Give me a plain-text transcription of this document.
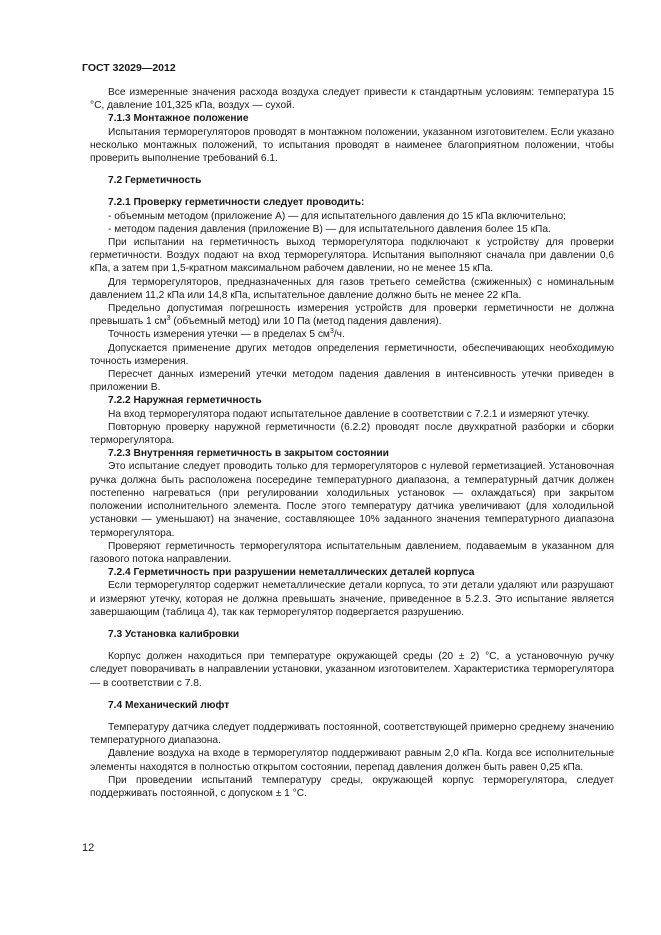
ГОСТ 32029—2012

Все измеренные значения расхода воздуха следует привести к стандартным условиям: температура 15 °С, давление 101,325 кПа, воздух — сухой.

7.1.3 Монтажное положение

Испытания терморегуляторов проводят в монтажном положении, указанном изготовителем. Если указано несколько монтажных положений, то испытания проводят в наименее благоприятном положении, чтобы проверить выполнение требований 6.1.

7.2 Герметичность

7.2.1 Проверку герметичности следует проводить:

- объемным методом (приложение А) — для испытательного давления до 15 кПа включительно;

- методом падения давления (приложение В) — для испытательного давления более 15 кПа.

При испытании на герметичность выход терморегулятора подключают к устройству для проверки герметичности. Воздух подают на вход терморегулятора. Испытания выполняют сначала при давлении 0,6 кПа, а затем при 1,5-кратном максимальном рабочем давлении, но не менее 15 кПа.

Для терморегуляторов, предназначенных для газов третьего семейства (сжиженных) с номинальным давлением 11,2 кПа или 14,8 кПа, испытательное давление должно быть не менее 22 кПа.

Предельно допустимая погрешность измерения устройств для проверки герметичности не должна превышать 1 $см^3$ (объемный метод) или 10 Па (метод падения давления).

Точность измерения утечки — в пределах 5 $см^3/ч$.

Допускается применение других методов определения герметичности, обеспечивающих необходимую точность измерения.

Пересчет данных измерений утечки методом падения давления в интенсивность утечки приведен в приложении В.

7.2.2 Наружная герметичность

На вход терморегулятора подают испытательное давление в соответствии с 7.2.1 и измеряют утечку.

Повторную проверку наружной герметичности (6.2.2) проводят после двухкратной разборки и сборки терморегулятора.

7.2.3 Внутренняя герметичность в закрытом состоянии

Это испытание следует проводить только для терморегуляторов с нулевой герметизацией. Установочная ручка должна быть расположена посередине температурного диапазона, а температурный датчик должен постепенно нагреваться (при регулировании холодильных установок — охлаждаться) при закрытом положении исполнительного элемента. После этого температуру датчика увеличивают (для холодильной установки — уменьшают) на значение, составляющее 10% заданного значения температурного диапазона терморегулятора.

Проверяют герметичность терморегулятора испытательным давлением, подаваемым в указанном для газового потока направлении.

7.2.4 Герметичность при разрушении неметаллических деталей корпуса

Если терморегулятор содержит неметаллические детали корпуса, то эти детали удаляют или разрушают и измеряют утечку, которая не должна превышать значение, приведенное в 5.2.3. Это испытание является завершающим (таблица 4), так как терморегулятор подвергается разрушению.

7.3 Установка калибровки

Корпус должен находиться при температуре окружающей среды (20 ± 2) °С, а установочную ручку следует поворачивать в направлении установки, указанном изготовителем. Характеристика терморегулятора — в соответствии с 7.8.

7.4 Механический люфт

Температуру датчика следует поддерживать постоянной, соответствующей примерно среднему значению температурного диапазона.

Давление воздуха на входе в терморегулятор поддерживают равным 2,0 кПа. Когда все исполнительные элементы находятся в полностью открытом состоянии, перепад давления должен быть равен 0,25 кПа.

При проведении испытаний температуру среды, окружающей корпус терморегулятора, следует поддерживать постоянной, с допуском ± 1 °С.

12
